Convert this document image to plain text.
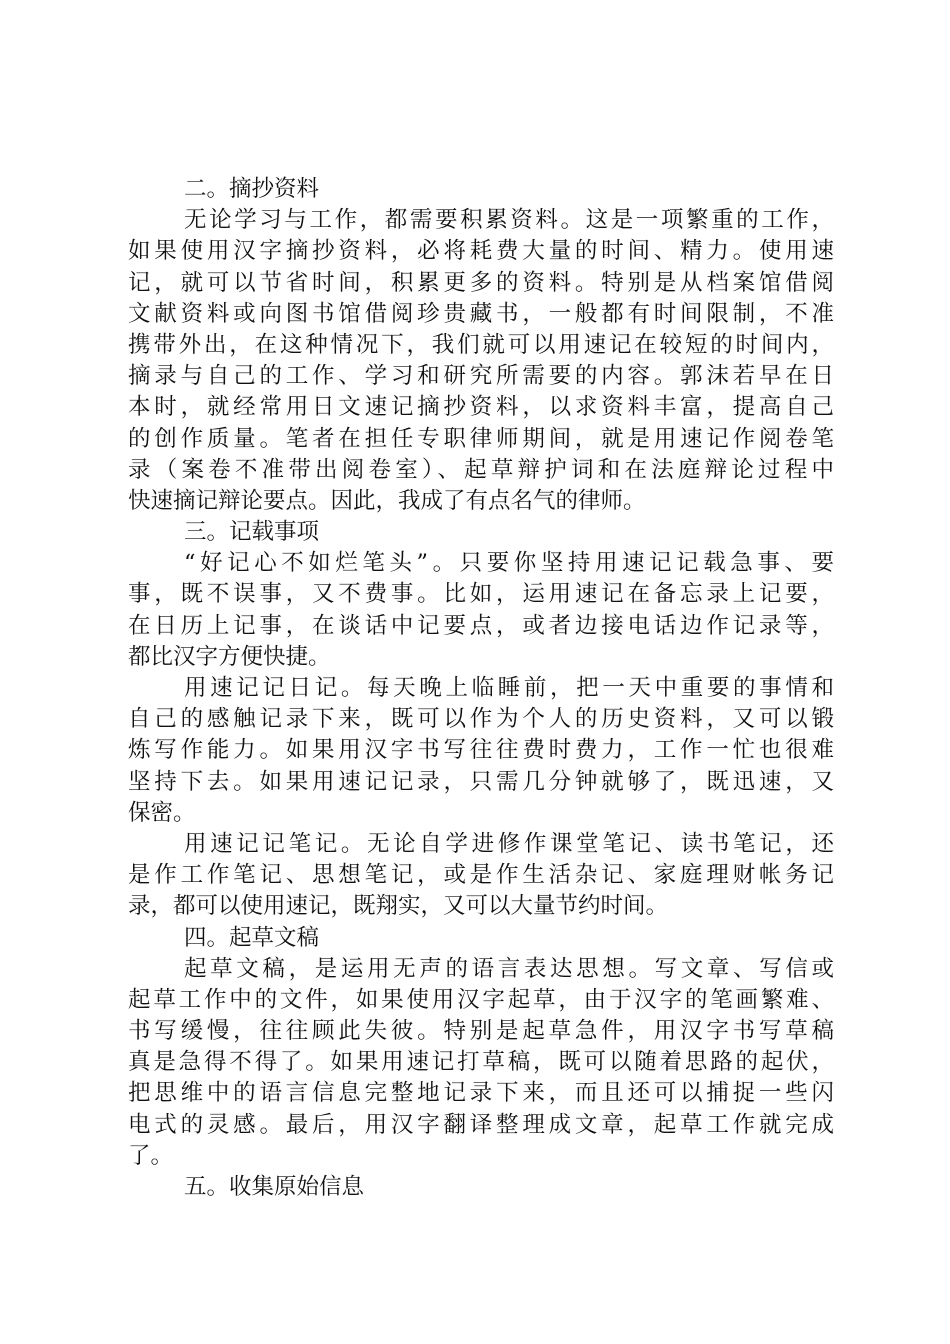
二。摘抄资料
无论学习与工作，都需要积累资料。这是一项繁重的工作，
如果使用汉字摘抄资料，必将耗费大量的时间、精力。使用速
记，就可以节省时间，积累更多的资料。特别是从档案馆借阅
文献资料或向图书馆借阅珍贵藏书，一般都有时间限制，不准
携带外出，在这种情况下，我们就可以用速记在较短的时间内，
摘录与自己的工作、学习和研究所需要的内容。郭沫若早在日
本时，就经常用日文速记摘抄资料，以求资料丰富，提高自己
的创作质量。笔者在担任专职律师期间，就是用速记作阅卷笔
录（案卷不准带出阅卷室）、起草辩护词和在法庭辩论过程中
快速摘记辩论要点。因此，我成了有点名气的律师。
三。记载事项
“好记心不如烂笔头”。只要你坚持用速记记载急事、要
事，既不误事，又不费事。比如，运用速记在备忘录上记要，
在日历上记事，在谈话中记要点，或者边接电话边作记录等，
都比汉字方便快捷。
用速记记日记。每天晚上临睡前，把一天中重要的事情和
自己的感触记录下来，既可以作为个人的历史资料，又可以锻
炼写作能力。如果用汉字书写往往费时费力，工作一忙也很难
坚持下去。如果用速记记录，只需几分钟就够了，既迅速，又
保密。
用速记记笔记。无论自学进修作课堂笔记、读书笔记，还
是作工作笔记、思想笔记，或是作生活杂记、家庭理财帐务记
录，都可以使用速记，既翔实，又可以大量节约时间。
四。起草文稿
起草文稿，是运用无声的语言表达思想。写文章、写信或
起草工作中的文件，如果使用汉字起草，由于汉字的笔画繁难、
书写缓慢，往往顾此失彼。特别是起草急件，用汉字书写草稿
真是急得不得了。如果用速记打草稿，既可以随着思路的起伏，
把思维中的语言信息完整地记录下来，而且还可以捕捉一些闪
电式的灵感。最后，用汉字翻译整理成文章，起草工作就完成
了。
五。收集原始信息
